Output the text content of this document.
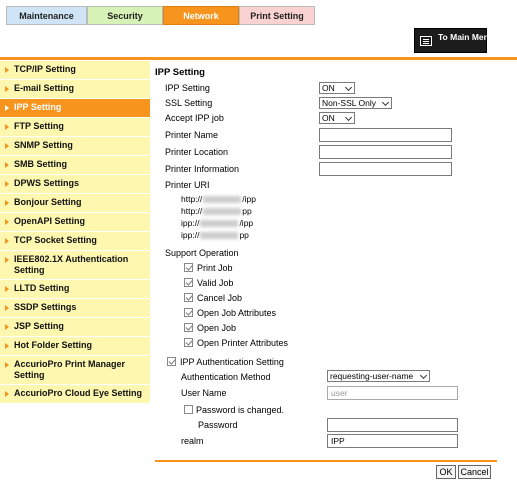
Maintenance	Security	Network	Print Setting
To Main Menu
TCP/IP Setting
E-mail Setting
IPP Setting
FTP Setting
SNMP Setting
SMB Setting
DPWS Settings
Bonjour Setting
OpenAPI Setting
TCP Socket Setting
IEEE802.1X Authentication Setting
LLTD Setting
SSDP Settings
JSP Setting
Hot Folder Setting
AccurioPro Print Manager Setting
AccurioPro Cloud Eye Setting
IPP Setting
IPP Setting	ON
SSL Setting	Non-SSL Only
Accept IPP job	ON
Printer Name
Printer Location
Printer Information
Printer URI
http://	/ipp
http://	pp
ipp://	/ipp
ipp://	pp
Support Operation
Print Job
Valid Job
Cancel Job
Open Job Attributes
Open Job
Open Printer Attributes
IPP Authentication Setting
Authentication Method	requesting-user-name
User Name	user
Password is changed.
Password
realm	IPP
OK Cancel
